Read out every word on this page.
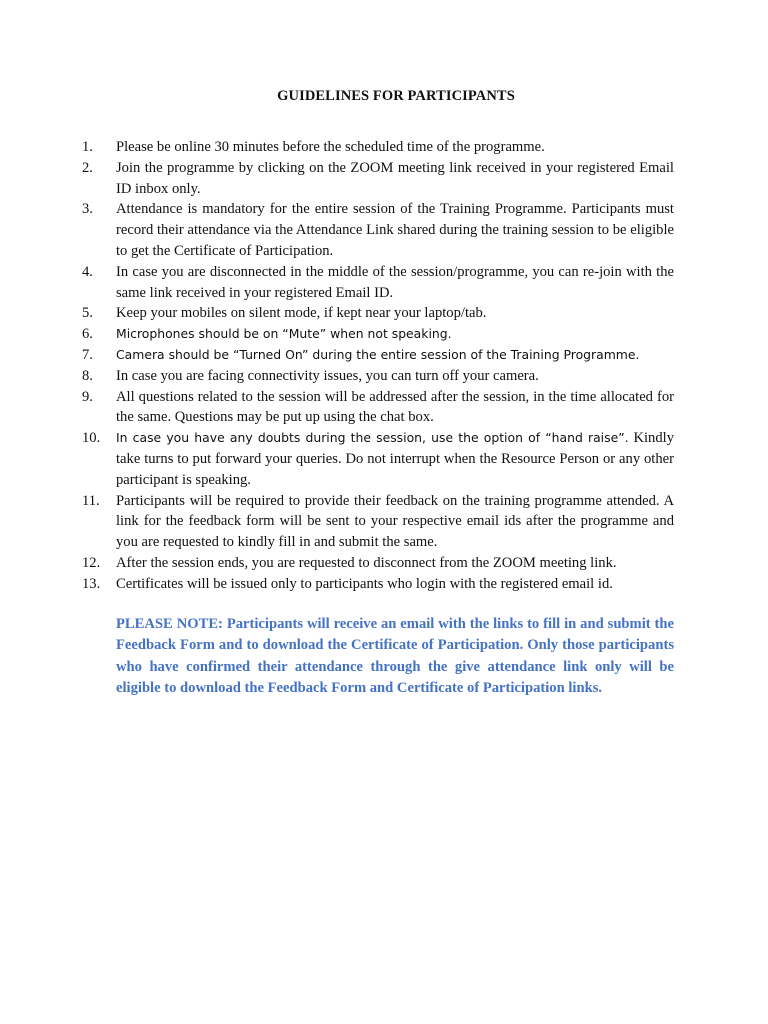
GUIDELINES FOR PARTICIPANTS
1.	Please be online 30 minutes before the scheduled time of the programme.
2.	Join the programme by clicking on the ZOOM meeting link received in your registered Email ID inbox only.
3.	Attendance is mandatory for the entire session of the Training Programme. Participants must record their attendance via the Attendance Link shared during the training session to be eligible to get the Certificate of Participation.
4.	In case you are disconnected in the middle of the session/programme, you can re-join with the same link received in your registered Email ID.
5.	Keep your mobiles on silent mode, if kept near your laptop/tab.
6.	Microphones should be on “Mute” when not speaking.
7.	Camera should be “Turned On” during the entire session of the Training Programme.
8.	In case you are facing connectivity issues, you can turn off your camera.
9.	All questions related to the session will be addressed after the session, in the time allocated for the same. Questions may be put up using the chat box.
10.	In case you have any doubts during the session, use the option of “hand raise”. Kindly take turns to put forward your queries. Do not interrupt when the Resource Person or any other participant is speaking.
11.	Participants will be required to provide their feedback on the training programme attended. A link for the feedback form will be sent to your respective email ids after the programme and you are requested to kindly fill in and submit the same.
12.	After the session ends, you are requested to disconnect from the ZOOM meeting link.
13.	Certificates will be issued only to participants who login with the registered email id.

PLEASE NOTE: Participants will receive an email with the links to fill in and submit the Feedback Form and to download the Certificate of Participation. Only those participants who have confirmed their attendance through the give attendance link only will be eligible to download the Feedback Form and Certificate of Participation links.
